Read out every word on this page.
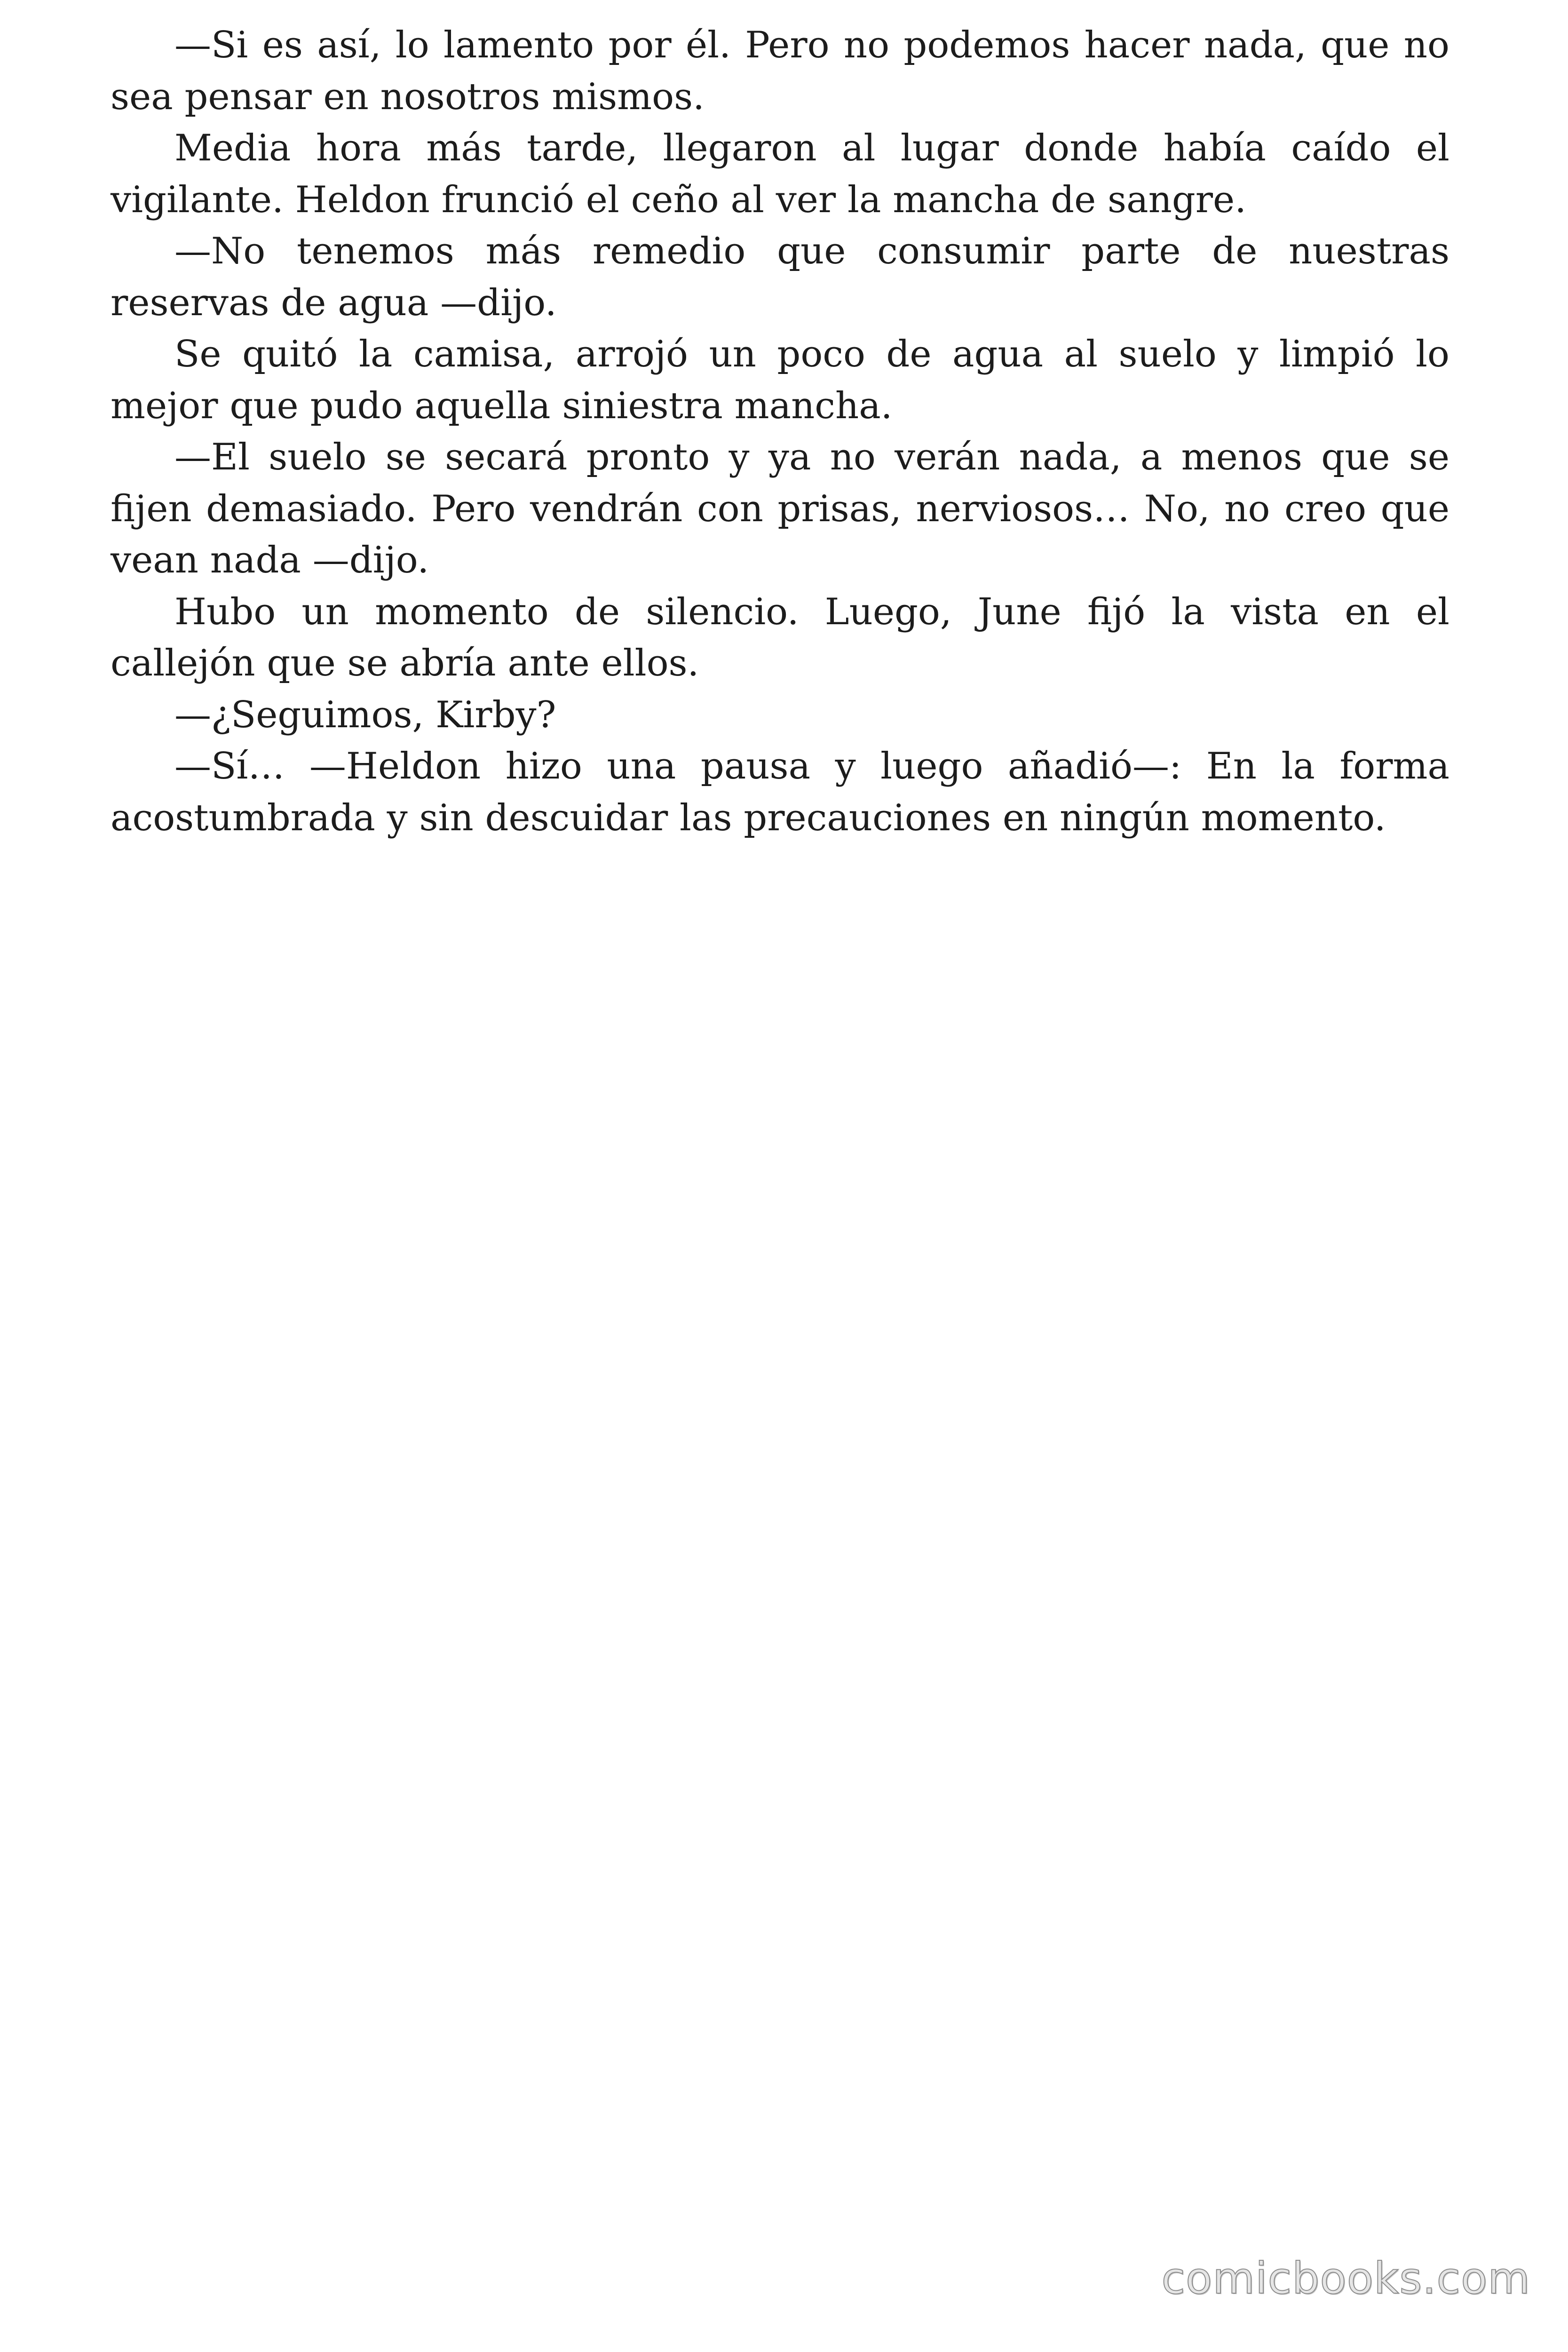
—Si es así, lo lamento por él. Pero no podemos hacer nada, que no
sea pensar en nosotros mismos.
Media hora más tarde, llegaron al lugar donde había caído el
vigilante. Heldon frunció el ceño al ver la mancha de sangre.
—No tenemos más remedio que consumir parte de nuestras
reservas de agua —dijo.
Se quitó la camisa, arrojó un poco de agua al suelo y limpió lo
mejor que pudo aquella siniestra mancha.
—El suelo se secará pronto y ya no verán nada, a menos que se
fijen demasiado. Pero vendrán con prisas, nerviosos… No, no creo que
vean nada —dijo.
Hubo un momento de silencio. Luego, June fijó la vista en el
callejón que se abría ante ellos.
—¿Seguimos, Kirby?
—Sí… —Heldon hizo una pausa y luego añadió—: En la forma
acostumbrada y sin descuidar las precauciones en ningún momento.
comicbooks.com
